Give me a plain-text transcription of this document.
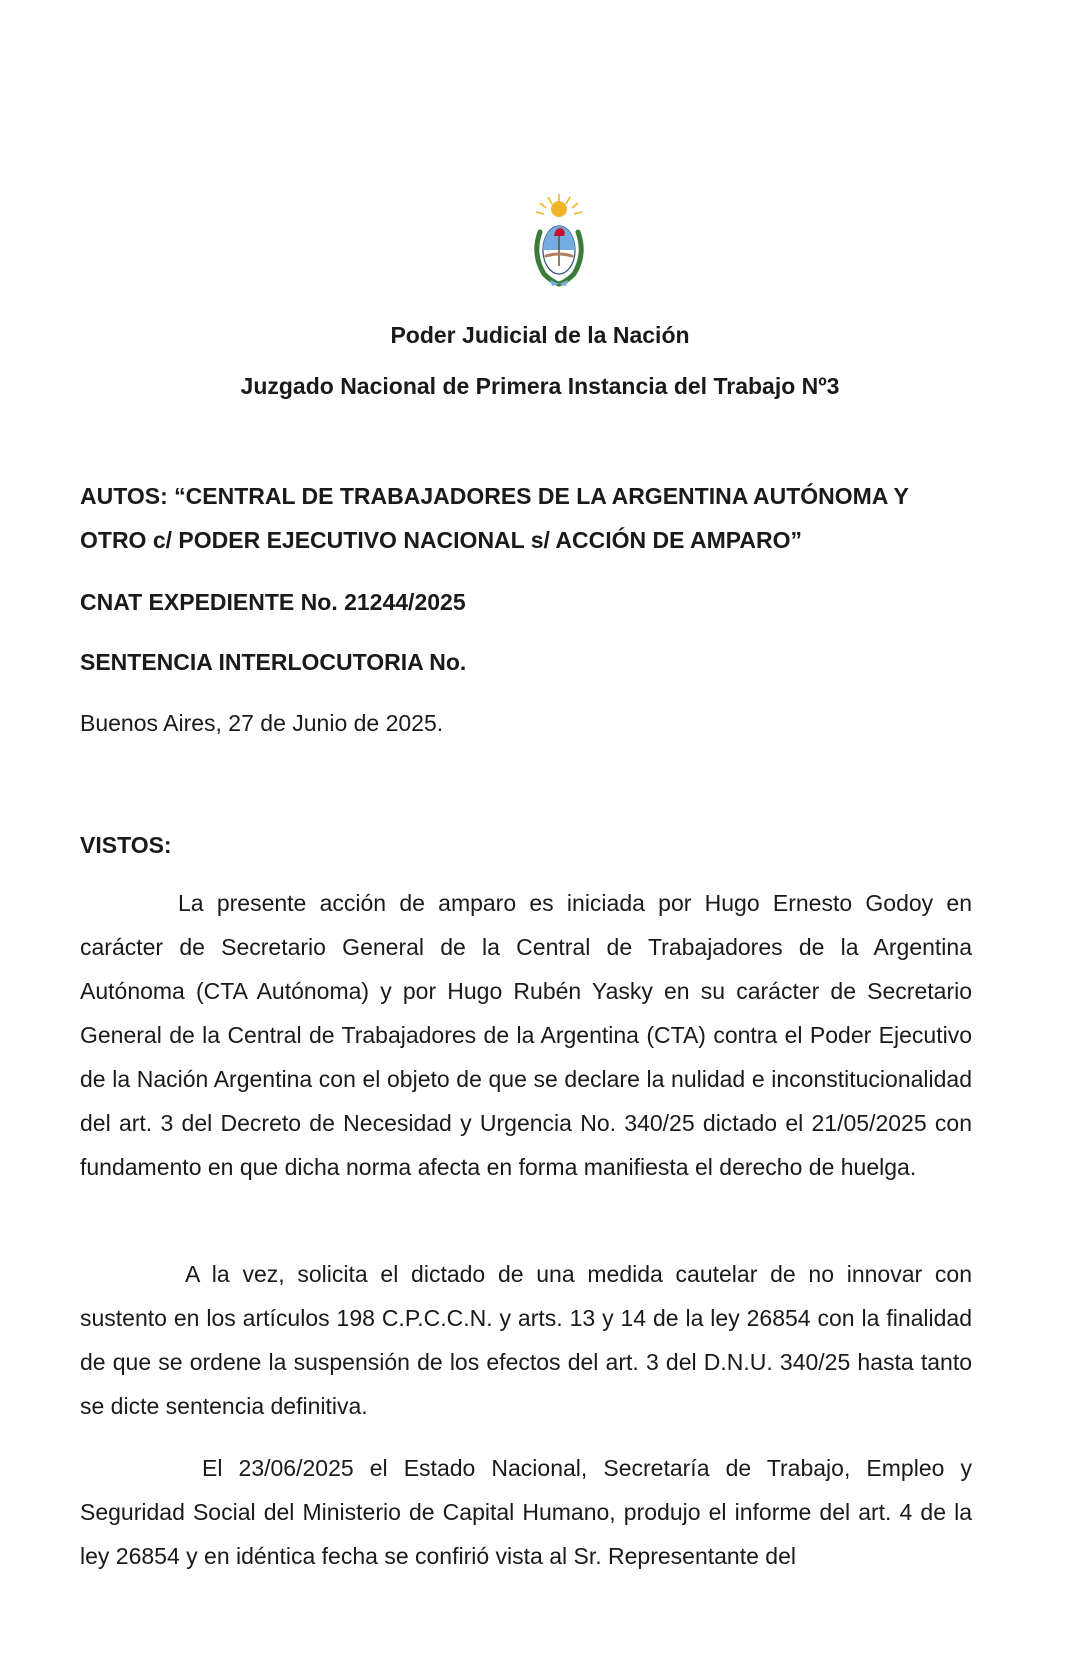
Poder Judicial de la Nación
Juzgado Nacional de Primera Instancia del Trabajo Nº3
AUTOS: “CENTRAL DE TRABAJADORES DE LA ARGENTINA AUTÓNOMA Y OTRO c/ PODER EJECUTIVO NACIONAL s/ ACCIÓN DE AMPARO”
CNAT EXPEDIENTE No. 21244/2025
SENTENCIA INTERLOCUTORIA No.
Buenos Aires, 27 de Junio de 2025.
VISTOS:
La presente acción de amparo es iniciada por Hugo Ernesto Godoy en carácter de Secretario General de la Central de Trabajadores de la Argentina Autónoma (CTA Autónoma) y por Hugo Rubén Yasky en su carácter de Secretario General de la Central de Trabajadores de la Argentina (CTA) contra el Poder Ejecutivo de la Nación Argentina con el objeto de que se declare la nulidad e inconstitucionalidad del art. 3 del Decreto de Necesidad y Urgencia No. 340/25 dictado el 21/05/2025 con fundamento en que dicha norma afecta en forma manifiesta el derecho de huelga.
A la vez, solicita el dictado de una medida cautelar de no innovar con sustento en los artículos 198 C.P.C.C.N. y arts. 13 y 14 de la ley 26854 con la finalidad de que se ordene la suspensión de los efectos del art. 3 del D.N.U. 340/25 hasta tanto se dicte sentencia definitiva.
El 23/06/2025 el Estado Nacional, Secretaría de Trabajo, Empleo y Seguridad Social del Ministerio de Capital Humano, produjo el informe del art. 4 de la ley 26854 y en idéntica fecha se confirió vista al Sr. Representante del
